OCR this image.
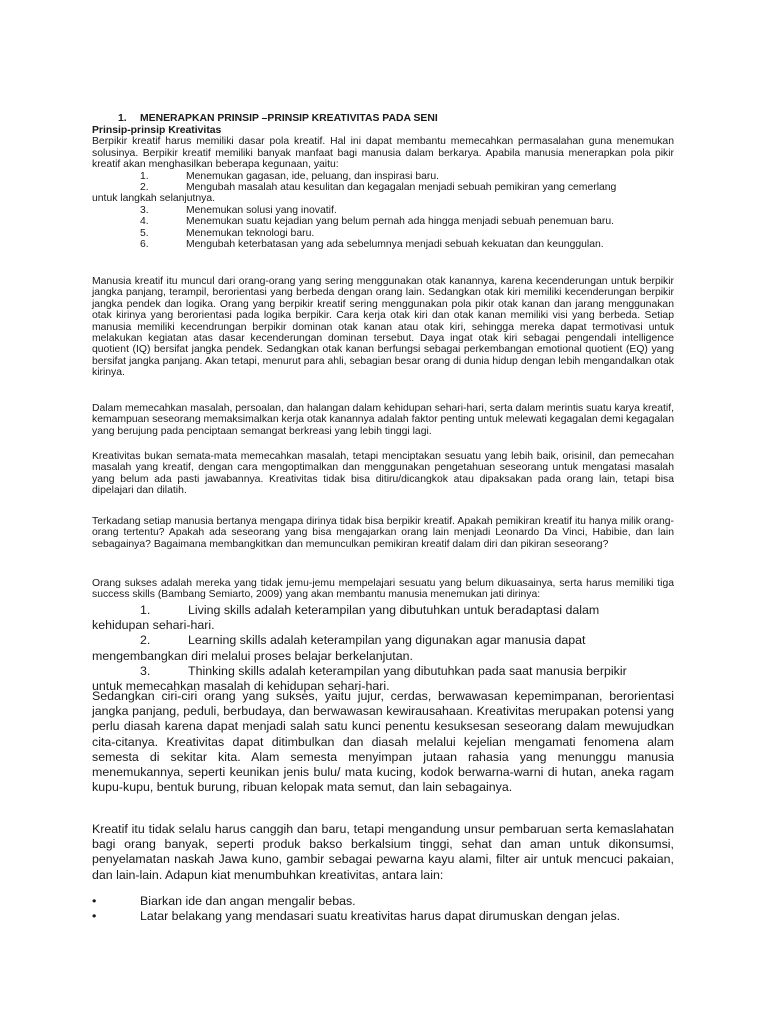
1. MENERAPKAN PRINSIP –PRINSIP KREATIVITAS PADA SENI
Prinsip-prinsip Kreativitas

Berpikir kreatif harus memiliki dasar pola kreatif. Hal ini dapat membantu memecahkan permasalahan guna menemukan solusinya. Berpikir kreatif memiliki banyak manfaat bagi manusia dalam berkarya. Apabila manusia menerapkan pola pikir kreatif akan menghasilkan beberapa kegunaan, yaitu:

1.	Menemukan gagasan, ide, peluang, dan inspirasi baru.
2.	Mengubah masalah atau kesulitan dan kegagalan menjadi sebuah pemikiran yang cemerlang
untuk langkah selanjutnya.
3.	Menemukan solusi yang inovatif.
4.	Menemukan suatu kejadian yang belum pernah ada hingga menjadi sebuah penemuan baru.
5.	Menemukan teknologi baru.
6.	Mengubah keterbatasan yang ada sebelumnya menjadi sebuah kekuatan dan keunggulan.

Manusia kreatif itu muncul dari orang-orang yang sering menggunakan otak kanannya, karena kecenderungan untuk berpikir jangka panjang, terampil, berorientasi yang berbeda dengan orang lain. Sedangkan otak kiri memiliki kecenderungan berpikir jangka pendek dan logika. Orang yang berpikir kreatif sering menggunakan pola pikir otak kanan dan jarang menggunakan otak kirinya yang berorientasi pada logika berpikir. Cara kerja otak kiri dan otak kanan memiliki visi yang berbeda. Setiap manusia memiliki kecendrungan berpikir dominan otak kanan atau otak kiri, sehingga mereka dapat termotivasi untuk melakukan kegiatan atas dasar kecenderungan dominan tersebut. Daya ingat otak kiri sebagai pengendali intelligence quotient (IQ) bersifat jangka pendek. Sedangkan otak kanan berfungsi sebagai perkembangan emotional quotient (EQ) yang bersifat jangka panjang. Akan tetapi, menurut para ahli, sebagian besar orang di dunia hidup dengan lebih mengandalkan otak kirinya.

Dalam memecahkan masalah, persoalan, dan halangan dalam kehidupan sehari-hari, serta dalam merintis suatu karya kreatif, kemampuan seseorang memaksimalkan kerja otak kanannya adalah faktor penting untuk melewati kegagalan demi kegagalan yang berujung pada penciptaan semangat berkreasi yang lebih tinggi lagi.

Kreativitas bukan semata-mata memecahkan masalah, tetapi menciptakan sesuatu yang lebih baik, orisinil, dan pemecahan masalah yang kreatif, dengan cara mengoptimalkan dan menggunakan pengetahuan seseorang untuk mengatasi masalah yang belum ada pasti jawabannya. Kreativitas tidak bisa ditiru/dicangkok atau dipaksakan pada orang lain, tetapi bisa dipelajari dan dilatih.

Terkadang setiap manusia bertanya mengapa dirinya tidak bisa berpikir kreatif. Apakah pemikiran kreatif itu hanya milik orang-orang tertentu? Apakah ada seseorang yang bisa mengajarkan orang lain menjadi Leonardo Da Vinci, Habibie, dan lain sebagainya? Bagaimana membangkitkan dan memunculkan pemikiran kreatif dalam diri dan pikiran seseorang?

Orang sukses adalah mereka yang tidak jemu-jemu mempelajari sesuatu yang belum dikuasainya, serta harus memiliki tiga success skills (Bambang Semiarto, 2009) yang akan membantu manusia menemukan jati dirinya:

1.	Living skills adalah keterampilan yang dibutuhkan untuk beradaptasi dalam
kehidupan sehari-hari.
2.	Learning skills adalah keterampilan yang digunakan agar manusia dapat
mengembangkan diri melalui proses belajar berkelanjutan.
3.	Thinking skills adalah keterampilan yang dibutuhkan pada saat manusia berpikir
untuk memecahkan masalah di kehidupan sehari-hari.

Sedangkan ciri-ciri orang yang sukses, yaitu jujur, cerdas, berwawasan kepemimpanan, berorientasi jangka panjang, peduli, berbudaya, dan berwawasan kewirausahaan. Kreativitas merupakan potensi yang perlu diasah karena dapat menjadi salah satu kunci penentu kesuksesan seseorang dalam mewujudkan cita-citanya. Kreativitas dapat ditimbulkan dan diasah melalui kejelian mengamati fenomena alam semesta di sekitar kita. Alam semesta menyimpan jutaan rahasia yang menunggu manusia menemukannya, seperti keunikan jenis bulu/ mata kucing, kodok berwarna-warni di hutan, aneka ragam kupu-kupu, bentuk burung, ribuan kelopak mata semut, dan lain sebagainya.

Kreatif itu tidak selalu harus canggih dan baru, tetapi mengandung unsur pembaruan serta kemaslahatan bagi orang banyak, seperti produk bakso berkalsium tinggi, sehat dan aman untuk dikonsumsi, penyelamatan naskah Jawa kuno, gambir sebagai pewarna kayu alami, filter air untuk mencuci pakaian, dan lain-lain. Adapun kiat menumbuhkan kreativitas, antara lain:

•	Biarkan ide dan angan mengalir bebas.
•	Latar belakang yang mendasari suatu kreativitas harus dapat dirumuskan dengan jelas.
